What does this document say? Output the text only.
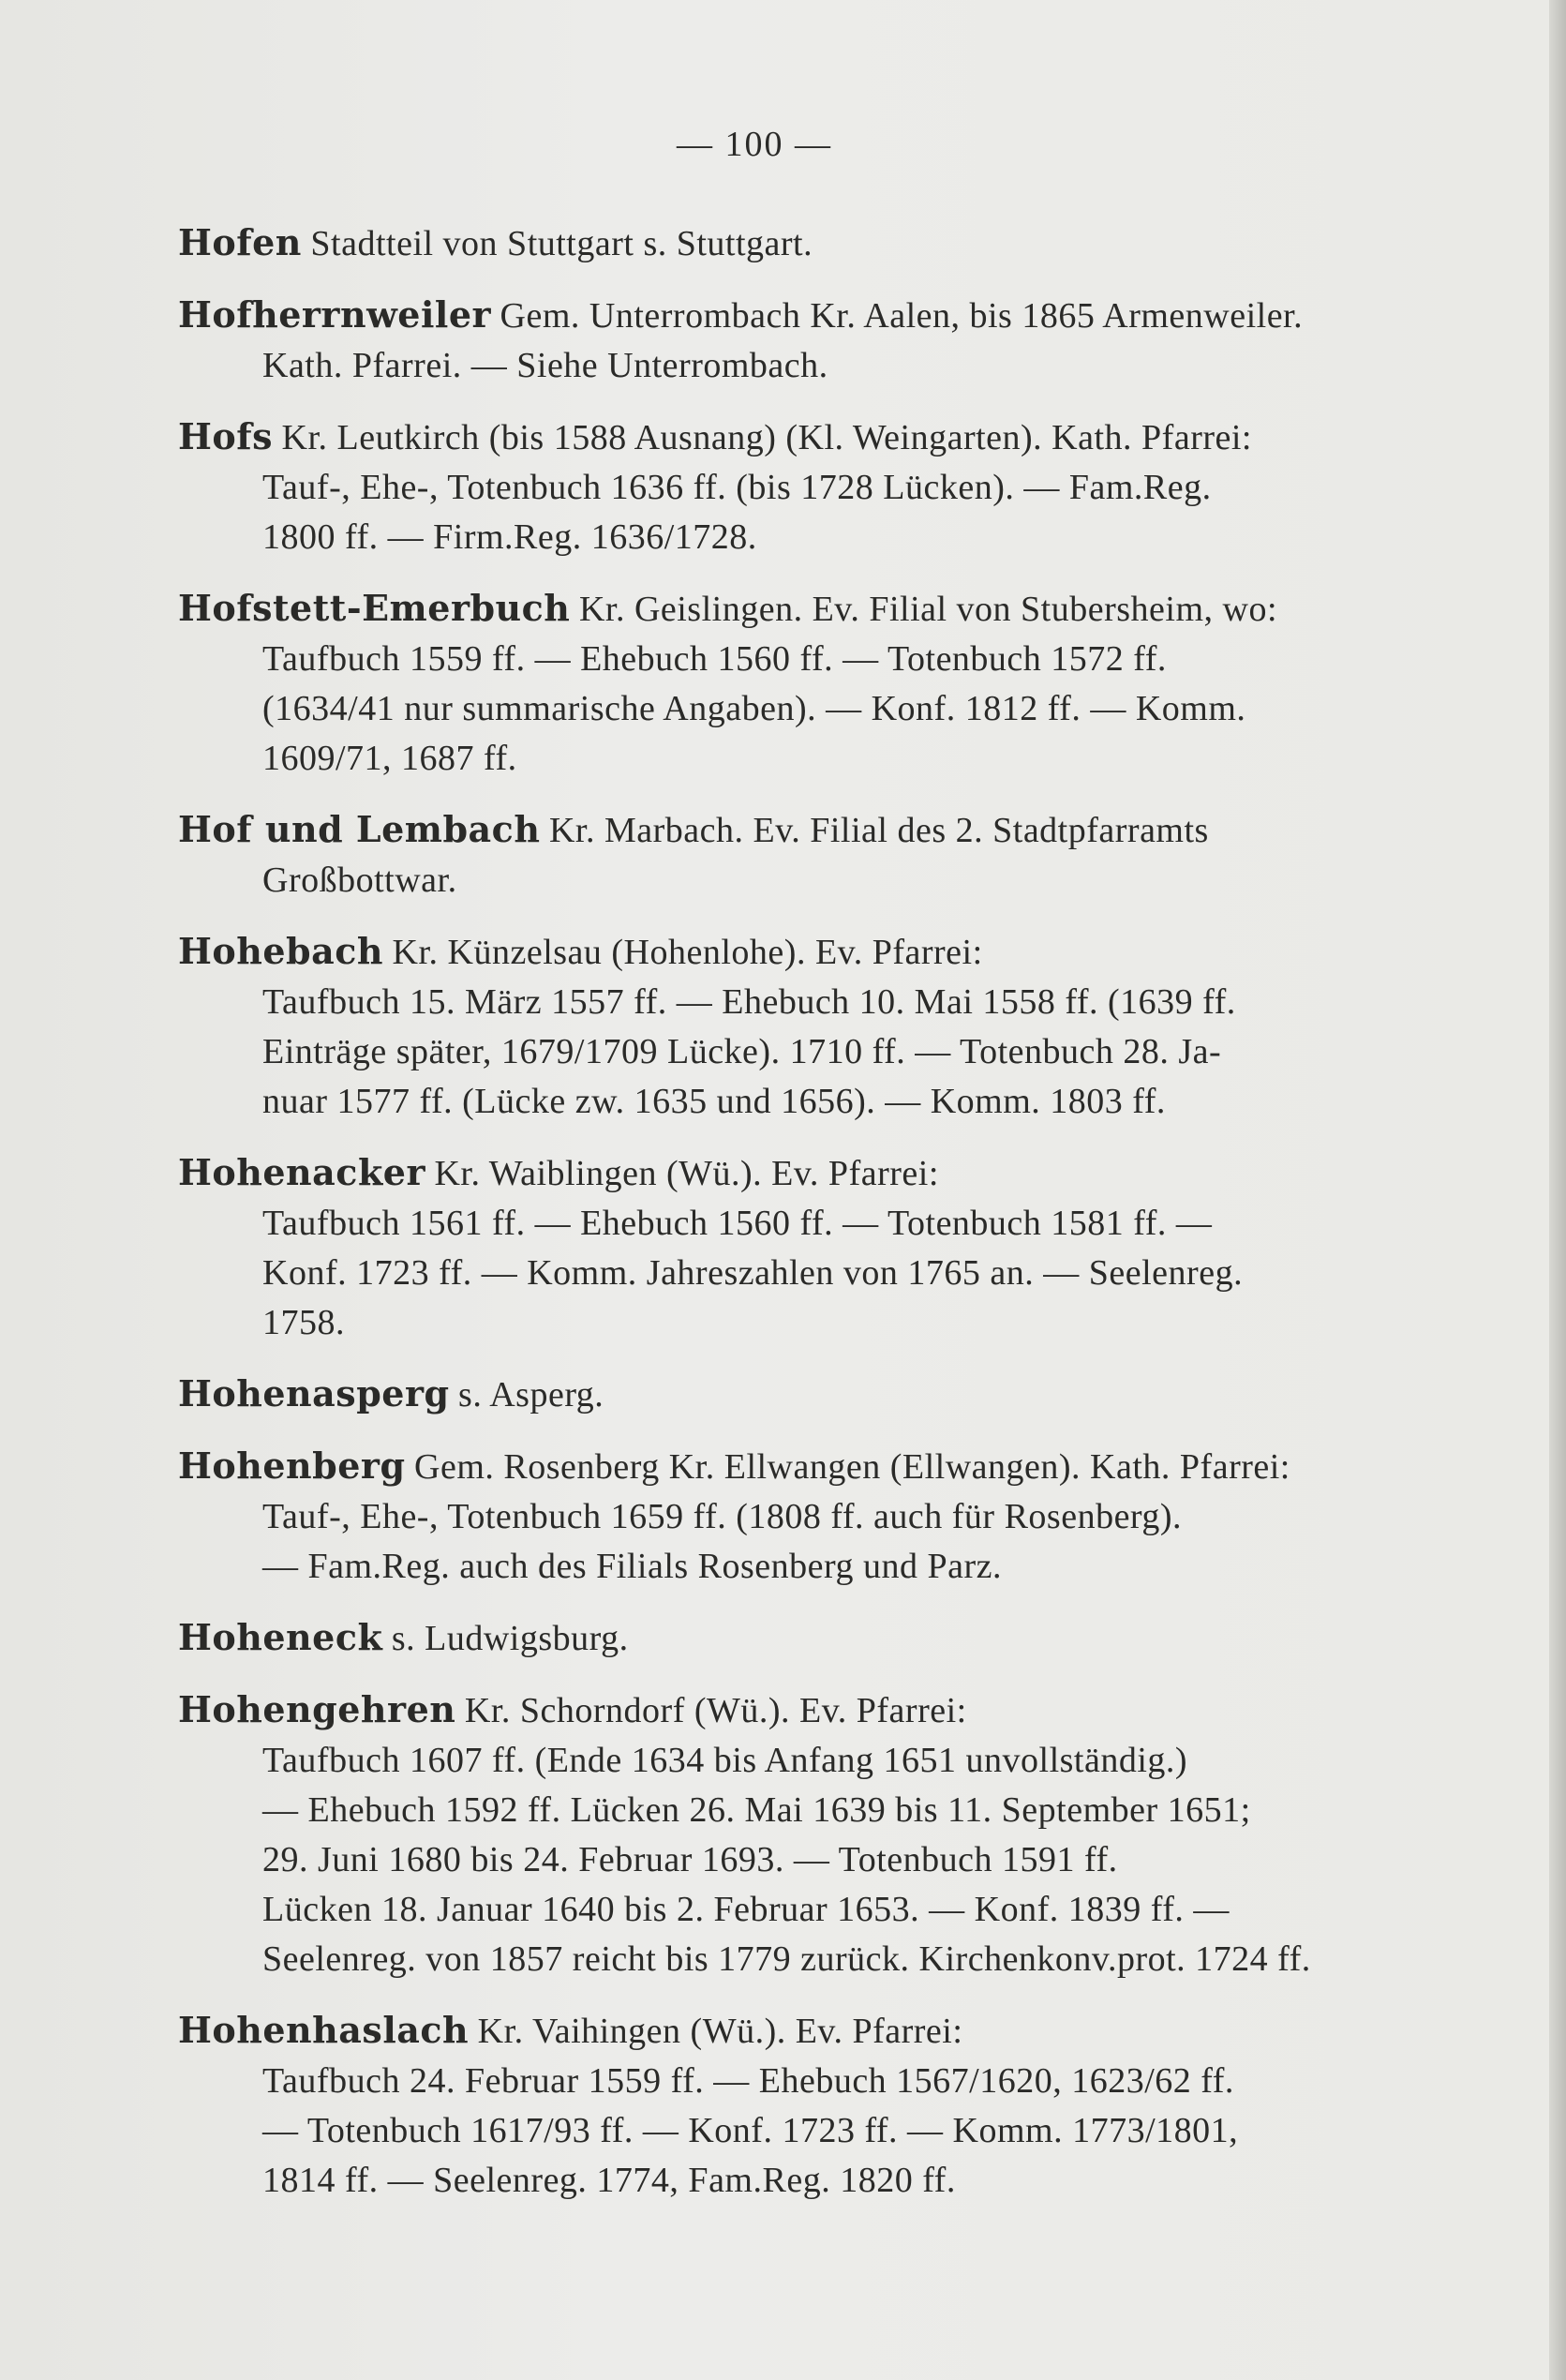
— 100 —

Hofen Stadtteil von Stuttgart s. Stuttgart.

Hofherrnweiler Gem. Unterrombach Kr. Aalen, bis 1865 Armenweiler.

Kath. Pfarrei. — Siehe Unterrombach.

Hofs Kr. Leutkirch (bis 1588 Ausnang) (Kl. Weingarten). Kath. Pfarrei:

Tauf-, Ehe-, Totenbuch 1636 ff. (bis 1728 Lücken). — Fam.Reg.

1800 ff. — Firm.Reg. 1636/1728.

Hofstett-Emerbuch Kr. Geislingen. Ev. Filial von Stubersheim, wo:

Taufbuch 1559 ff. — Ehebuch 1560 ff. — Totenbuch 1572 ff.

(1634/41 nur summarische Angaben). — Konf. 1812 ff. — Komm.

1609/71, 1687 ff.

Hof und Lembach Kr. Marbach. Ev. Filial des 2. Stadtpfarramts

Großbottwar.

Hohebach Kr. Künzelsau (Hohenlohe). Ev. Pfarrei:

Taufbuch 15. März 1557 ff. — Ehebuch 10. Mai 1558 ff. (1639 ff.

Einträge später, 1679/1709 Lücke). 1710 ff. — Totenbuch 28. Ja-

nuar 1577 ff. (Lücke zw. 1635 und 1656). — Komm. 1803 ff.

Hohenacker Kr. Waiblingen (Wü.). Ev. Pfarrei:

Taufbuch 1561 ff. — Ehebuch 1560 ff. — Totenbuch 1581 ff. —

Konf. 1723 ff. — Komm. Jahreszahlen von 1765 an. — Seelenreg.

1758.

Hohenasperg s. Asperg.

Hohenberg Gem. Rosenberg Kr. Ellwangen (Ellwangen). Kath. Pfarrei:

Tauf-, Ehe-, Totenbuch 1659 ff. (1808 ff. auch für Rosenberg).

— Fam.Reg. auch des Filials Rosenberg und Parz.

Hoheneck s. Ludwigsburg.

Hohengehren Kr. Schorndorf (Wü.). Ev. Pfarrei:

Taufbuch 1607 ff. (Ende 1634 bis Anfang 1651 unvollständig.)

— Ehebuch 1592 ff. Lücken 26. Mai 1639 bis 11. September 1651;

29. Juni 1680 bis 24. Februar 1693. — Totenbuch 1591 ff.

Lücken 18. Januar 1640 bis 2. Februar 1653. — Konf. 1839 ff. —

Seelenreg. von 1857 reicht bis 1779 zurück. Kirchenkonv.prot. 1724 ff.

Hohenhaslach Kr. Vaihingen (Wü.). Ev. Pfarrei:

Taufbuch 24. Februar 1559 ff. — Ehebuch 1567/1620, 1623/62 ff.

— Totenbuch 1617/93 ff. — Konf. 1723 ff. — Komm. 1773/1801,

1814 ff. — Seelenreg. 1774, Fam.Reg. 1820 ff.
